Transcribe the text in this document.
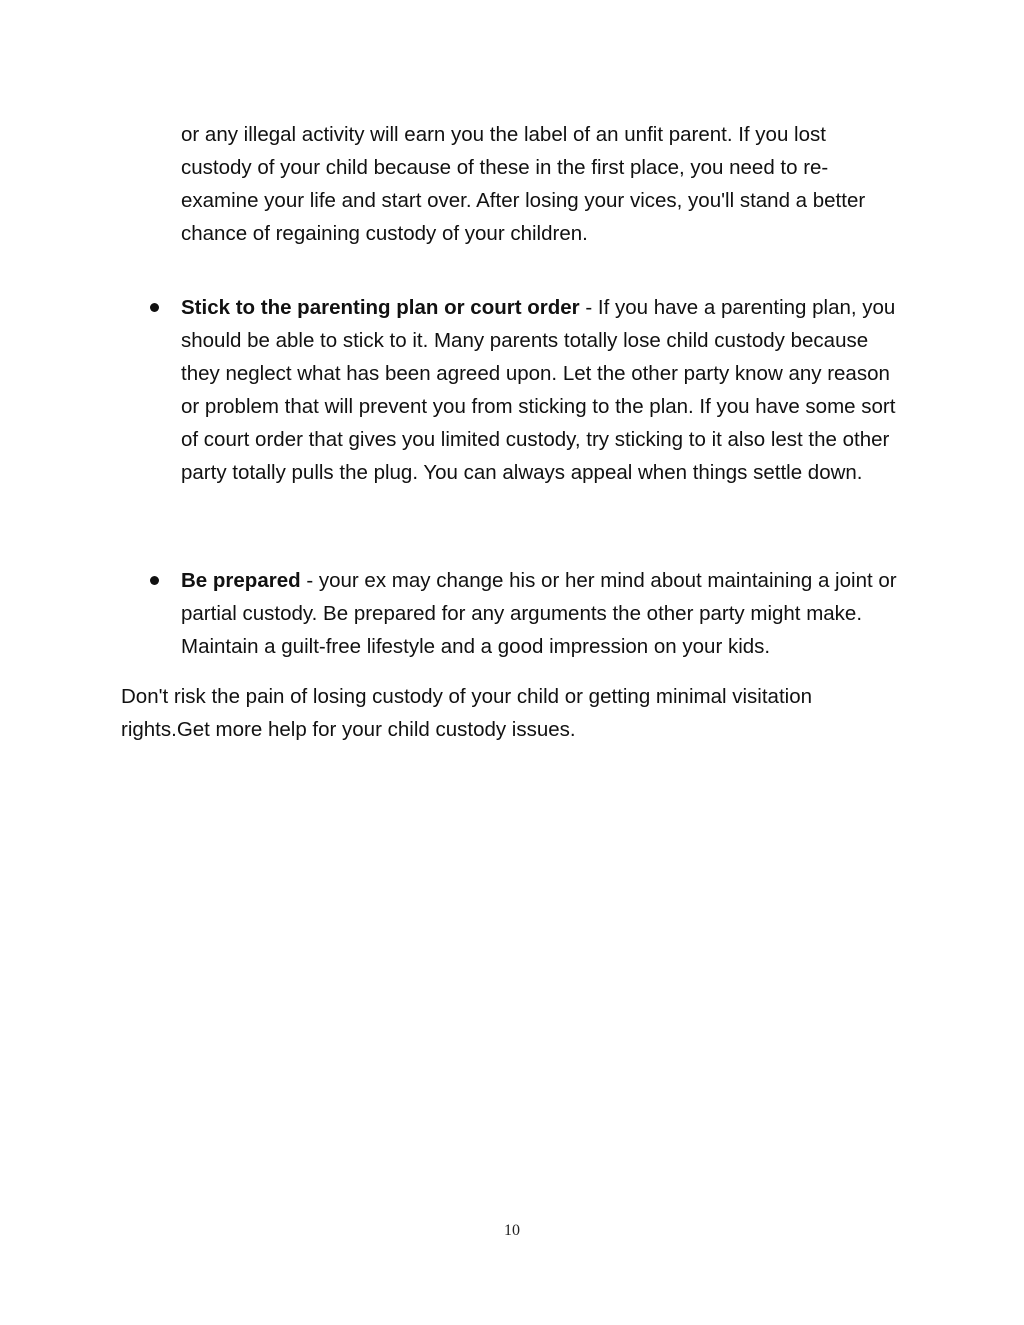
or any illegal activity will earn you the label of an unfit parent. If you lost custody of your child because of these in the first place, you need to re-examine your life and start over. After losing your vices, you'll stand a better chance of regaining custody of your children.

Stick to the parenting plan or court order - If you have a parenting plan, you should be able to stick to it. Many parents totally lose child custody because they neglect what has been agreed upon. Let the other party know any reason or problem that will prevent you from sticking to the plan. If you have some sort of court order that gives you limited custody, try sticking to it also lest the other party totally pulls the plug. You can always appeal when things settle down.
Be prepared - your ex may change his or her mind about maintaining a joint or partial custody. Be prepared for any arguments the other party might make. Maintain a guilt-free lifestyle and a good impression on your kids.

Don't risk the pain of losing custody of your child or getting minimal visitation rights.Get more help for your child custody issues.

10
